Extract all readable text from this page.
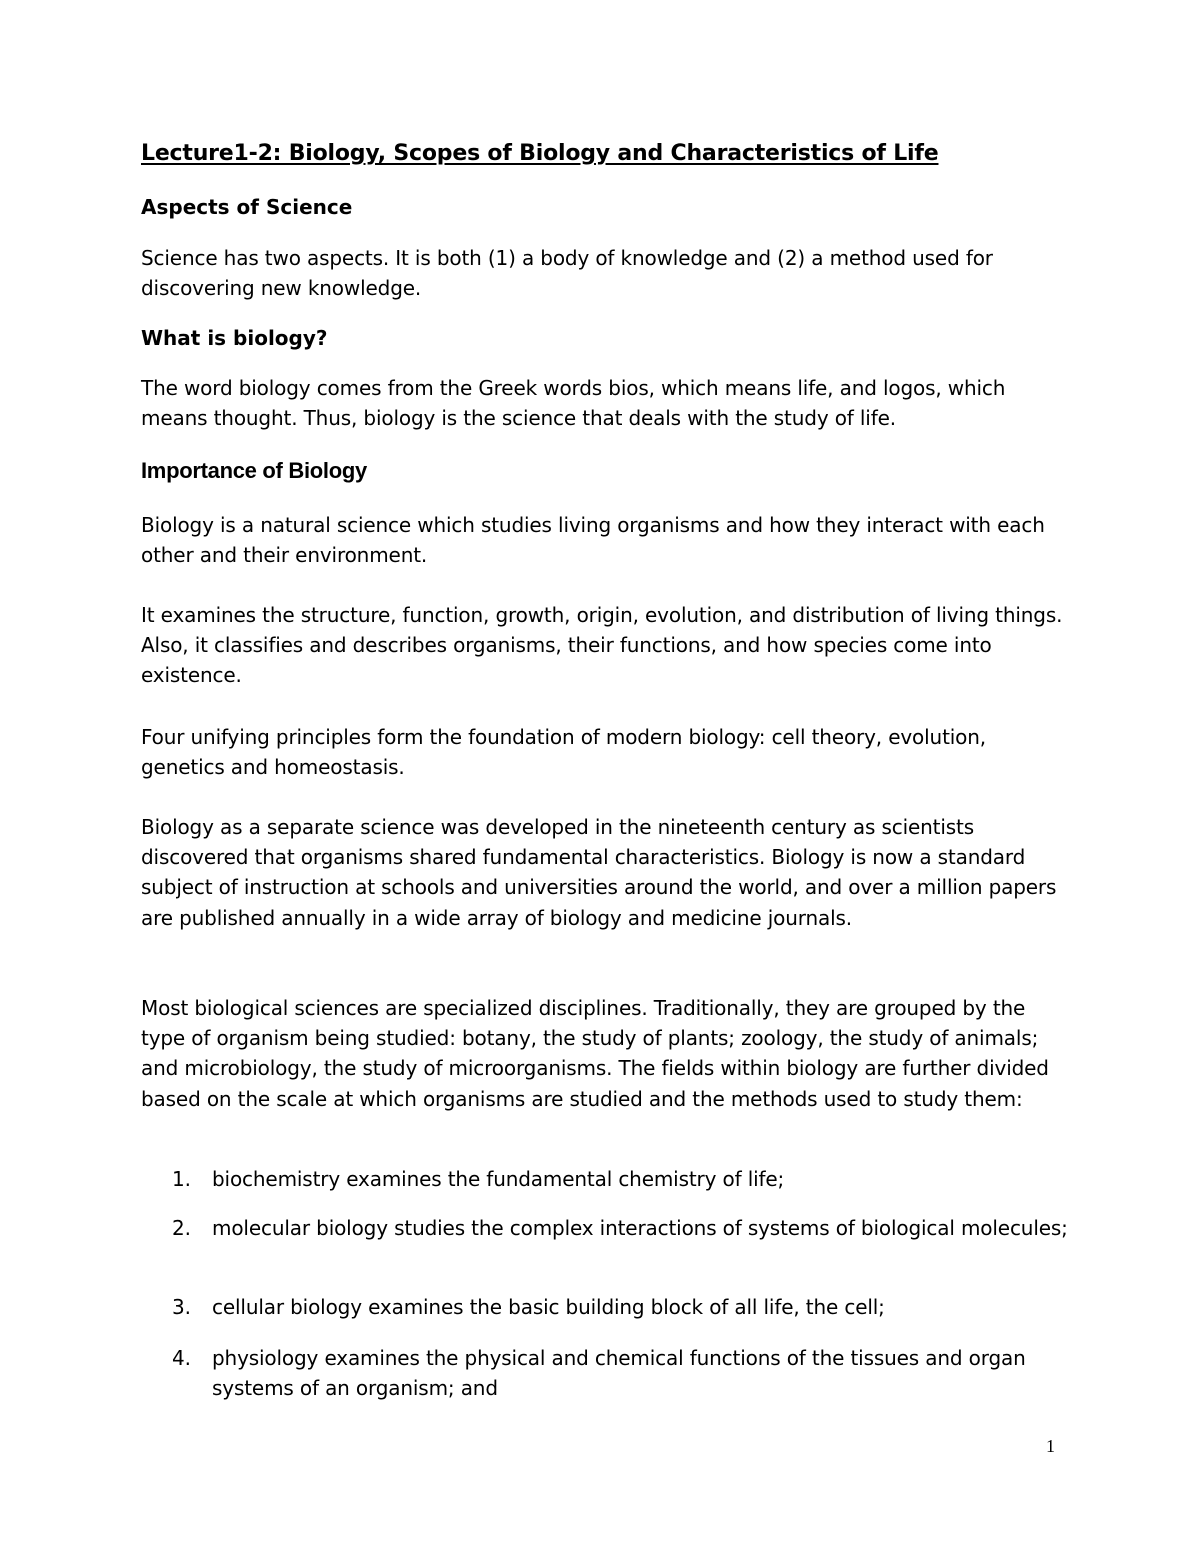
Lecture1-2: Biology, Scopes of Biology and Characteristics of Life
Aspects of Science

Science has two aspects. It is both (1) a body of knowledge and (2) a method used for discovering new knowledge.

What is biology?

The word biology comes from the Greek words bios, which means life, and logos, which means thought. Thus, biology is the science that deals with the study of life.

Importance of Biology

Biology is a natural science which studies living organisms and how they interact with each other and their environment.

It examines the structure, function, growth, origin, evolution, and distribution of living things. Also, it classifies and describes organisms, their functions, and how species come into existence.

Four unifying principles form the foundation of modern biology: cell theory, evolution, genetics and homeostasis.

Biology as a separate science was developed in the nineteenth century as scientists discovered that organisms shared fundamental characteristics. Biology is now a standard subject of instruction at schools and universities around the world, and over a million papers are published annually in a wide array of biology and medicine journals.

Most biological sciences are specialized disciplines. Traditionally, they are grouped by the type of organism being studied: botany, the study of plants; zoology, the study of animals; and microbiology, the study of microorganisms. The fields within biology are further divided based on the scale at which organisms are studied and the methods used to study them:

1.	biochemistry examines the fundamental chemistry of life;
2.	molecular biology studies the complex interactions of systems of biological molecules;
3.	cellular biology examines the basic building block of all life, the cell;
4.	physiology examines the physical and chemical functions of the tissues and organ systems of an organism; and
1
